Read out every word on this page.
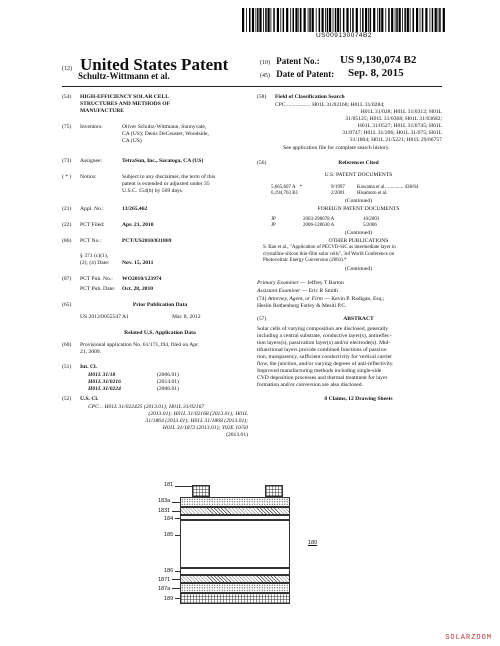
US009130074B2
(12) United States Patent
Schultz-Wittmann et al.
(10) Patent No.: US 9,130,074 B2
(45) Date of Patent: Sep. 8, 2015
(54) HIGH-EFFICIENCY SOLAR CELL
STRUCTURES AND METHODS OF
MANUFACTURE
(75) Inventors:	Oliver Schultz-Wittmann, Sunnyvale,
CA (US); Denis DeCeuster, Woodside,
CA (US)
(73) Assignee:	TetraSun, Inc., Saratoga, CA (US)
( * ) Notice:	Subject to any disclaimer, the term of this
patent is extended or adjusted under 35
U.S.C. 154(b) by 569 days.
(21) Appl. No.:	13/265,462
(22) PCT Filed:	Apr. 21, 2010
(86) PCT No.:	PCT/US2010/031869
§ 371 (c)(1),
(2), (4) Date: Nov. 15, 2011
(87) PCT Pub. No.: WO2010/123974
PCT Pub. Date: Oct. 28, 2010
(65)	Prior Publication Data
US 2012/0055547 A1	Mar. 8, 2012
Related U.S. Application Data
(60) Provisional application No. 61/171,194, filed on Apr.
21, 2009.
(51) Int. Cl.
H01L 31/18	(2006.01)
H01L 31/0216	(2014.01)
H01L 31/0224	(2006.01)
(52) U.S. Cl.
CPC .. H01L 31/022425 (2013.01); H01L 31/02167
(2013.01); H01L 31/02168 (2013.01); H01L
31/1864 (2013.01); H01L 31/1868 (2013.01);
H01L 31/1872 (2013.01); Y02E 10/50
(2013.01)
(58) Field of Classification Search
CPC ................. H01L 31/02168; H01L 31/0284;
H01L 31/028; H01L 31/0312; H01L
31/05125; H01L 31/0368; H01L 31/03682;
H01L 31/0527; H01L 31/0745; H01L
31/0747; H01L 31/206; H01L 31/075; H01L
31/1804; H01L 21/5221; H01L 29/66757
See application file for complete search history.
(56)	References Cited
U.S. PATENT DOCUMENTS
5,665,607 A *	9/1997 Kawama et al. ............. 438/64
6,194,763 B1	2/2001 Hisamoto et al.
(Continued)
FOREIGN PATENT DOCUMENTS
JP	2003-298078 A	10/2003
JP	2006-128630 A	5/2006
(Continued)
OTHER PUBLICATIONS
S. Ban et al., "Application of PECVD-SiC as intermediate layer in
crystalline silicon thin-film solar cells", 3rd World Conference on
Photovoltaic Energy Conversion (2003).*
(Continued)
Primary Examiner — Jeffrey T Barton
Assistant Examiner — Eric R Smith
(74) Attorney, Agent, or Firm — Kevin P. Radigan, Esq.;
Heslin Rothenberg Farley & Mesiti P.C.
(57)	ABSTRACT
Solar cells of varying composition are disclosed, generally
including a central substrate, conductive layer(s), antireflec-
tion layers(s), passivation layer(s) and/or electrode(s). Mul-
tifunctional layers provide combined functions of passiva-
tion, transparency, sufficient conductivity for vertical carrier
flow, the junction, and/or varying degrees of anti-reflectivity.
Improved manufacturing methods including single-side
CVD deposition processes and thermal treatment for layer
formation and/or conversion are also disclosed.
8 Claims, 12 Drawing Sheets
181
183a
1831
184
185
186
1871
187a
189
180
SOLARZOOM
